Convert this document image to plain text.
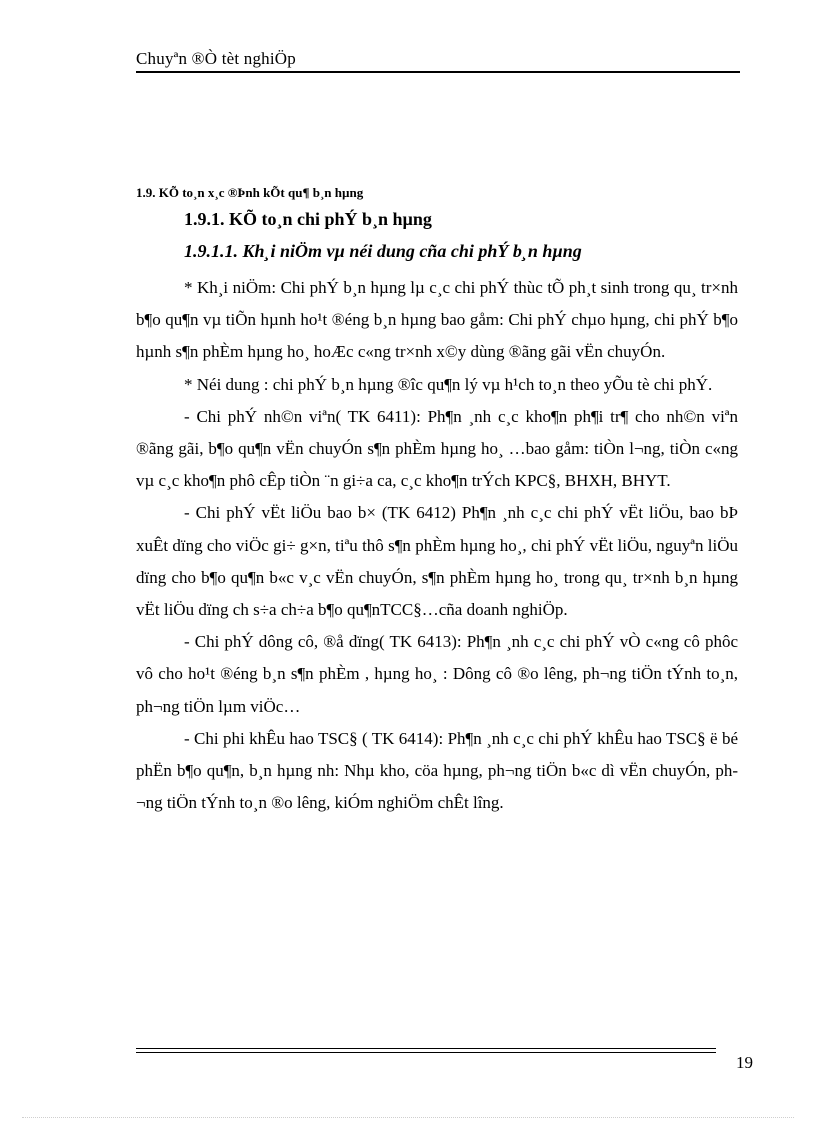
Chuyªn ®Ò tèt nghiÖp
1.9. KÕ to¸n x¸c ®Þnh kÕt qu¶ b¸n hµng
1.9.1. KÕ to¸n chi phÝ b¸n hµng
1.9.1.1. Kh¸i niÖm vµ néi dung cña chi phÝ b¸n hµng

* Kh¸i niÖm: Chi phÝ b¸n hµng lµ c¸c chi phÝ thùc tÕ ph¸t sinh trong qu¸ tr×nh b¶o qu¶n vµ tiÕn hµnh ho¹t ®éng b¸n hµng bao gåm: Chi phÝ chµo hµng, chi phÝ b¶o hµnh s¶n phÈm hµng ho¸ hoÆc c«ng tr×nh x©y dùng ®ãng gãi vËn chuyÓn.

* Néi dung : chi phÝ b¸n hµng ®îc qu¶n lý vµ h¹ch to¸n theo yÕu tè chi phÝ.

- Chi phÝ nh©n viªn( TK 6411): Ph¶n ¸nh c¸c kho¶n ph¶i tr¶ cho nh©n viªn ®ãng gãi, b¶o qu¶n vËn chuyÓn s¶n phÈm hµng ho¸ …bao gåm: tiÒn l¬ng, tiÒn c«ng vµ c¸c kho¶n phô cÊp tiÒn ¨n gi÷a ca, c¸c kho¶n trÝch KPC§, BHXH, BHYT.

- Chi phÝ vËt liÖu bao b× (TK 6412) Ph¶n ¸nh c¸c chi phÝ vËt liÖu, bao bÞ xuÊt dïng cho viÖc gi÷ g×n, tiªu thô s¶n phÈm hµng ho¸, chi phÝ vËt liÖu, nguyªn liÖu dïng cho b¶o qu¶n b«c v¸c vËn chuyÓn, s¶n phÈm hµng ho¸ trong qu¸ tr×nh b¸n hµng vËt liÖu dïng ch s÷a ch÷a b¶o qu¶nTCC§…cña doanh nghiÖp.

- Chi phÝ dông cô, ®å dïng( TK 6413): Ph¶n ¸nh c¸c chi phÝ vÒ c«ng cô phôc vô cho ho¹t ®éng b¸n s¶n phÈm , hµng ho¸ : Dông cô ®o lêng, ph¬ng tiÖn tÝnh to¸n, ph¬ng tiÖn lµm viÖc…

- Chi phi khÊu hao TSC§ ( TK 6414): Ph¶n ¸nh c¸c chi phÝ khÊu hao TSC§ ë bé phËn b¶o qu¶n, b¸n hµng nh: Nhµ kho, cöa hµng, ph¬ng tiÖn b«c dì vËn chuyÓn, ph¬ng tiÖn tÝnh to¸n ®o lêng, kiÓm nghiÖm chÊt lîng.

19
